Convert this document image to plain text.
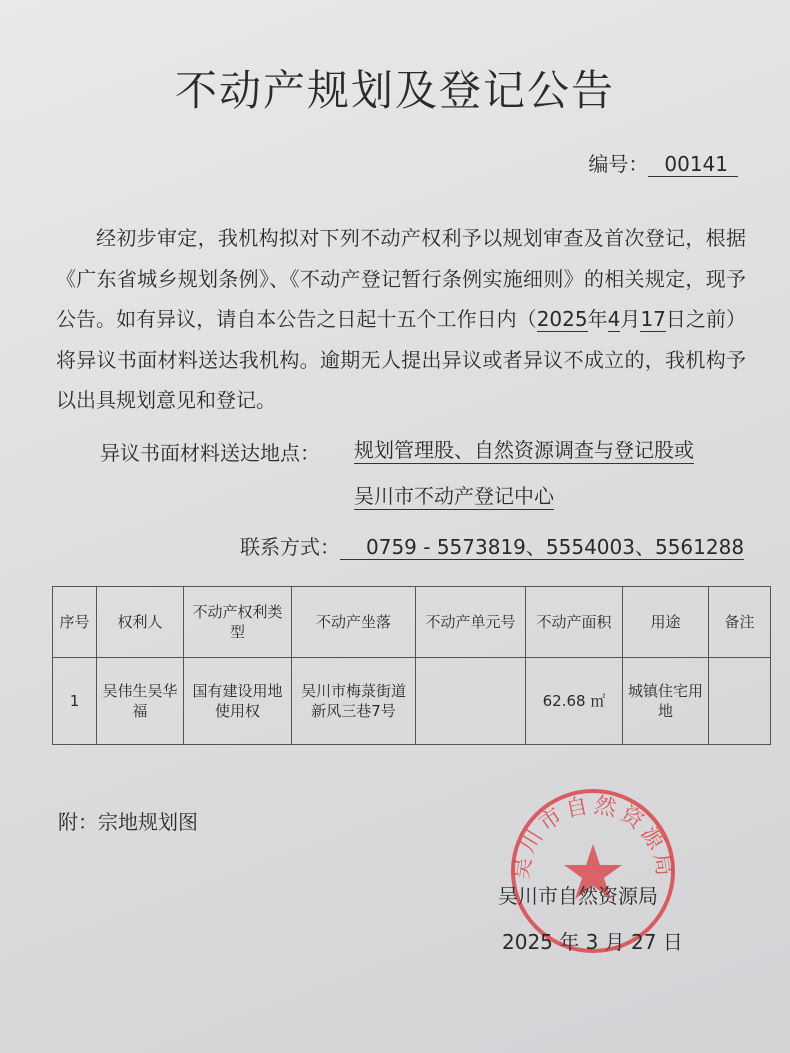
不动产规划及登记公告
编号： 00141

经初步审定，我机构拟对下列不动产权利予以规划审查及首次登记，根据《广东省城乡规划条例》、《不动产登记暂行条例实施细则》的相关规定，现予公告。如有异议，请自本公告之日起十五个工作日内（2025年4月17日之前）将异议书面材料送达我机构。逾期无人提出异议或者异议不成立的，我机构予以出具规划意见和登记。

异议书面材料送达地点： 规划管理股、自然资源调查与登记股或
吴川市不动产登记中心
联系方式： 0759 - 5573819、5554003、5561288
序号	权利人	不动产权利类型	不动产坐落	不动产单元号	不动产面积	用途	备注
1	吴伟生吴华福	国有建设用地使用权	吴川市梅菉街道新风三巷7号		62.68 ㎡	城镇住宅用地	
附：宗地规划图
吴川市自然资源局
吴川市自然资源局
2025 年 3 月 27 日
